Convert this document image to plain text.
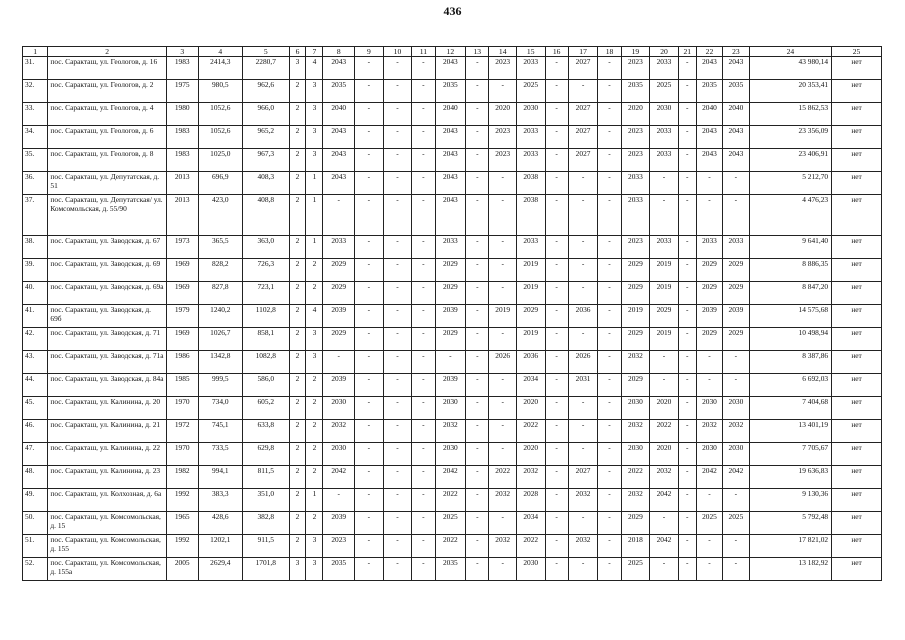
436
1	2	3	4	5	6	7	8	9	10	11	12	13	14	15	16	17	18	19	20	21	22	23	24	25
31.	пос. Саракташ, ул. Геологов, д. 16	1983	2414,3	2280,7	3	4	2043	-	-	-	2043	-	2023	2033	-	2027	-	2023	2033	-	2043	2043	43 980,14	нет
32.	пос. Саракташ, ул. Геологов, д. 2	1975	980,5	962,6	2	3	2035	-	-	-	2035	-	-	2025	-	-	-	2035	2025	-	2035	2035	20 353,41	нет
33.	пос. Саракташ, ул. Геологов, д. 4	1980	1052,6	966,0	2	3	2040	-	-	-	2040	-	2020	2030	-	2027	-	2020	2030	-	2040	2040	15 862,53	нет
34.	пос. Саракташ, ул. Геологов, д. 6	1983	1052,6	965,2	2	3	2043	-	-	-	2043	-	2023	2033	-	2027	-	2023	2033	-	2043	2043	23 356,09	нет
35.	пос. Саракташ, ул. Геологов, д. 8	1983	1025,0	967,3	2	3	2043	-	-	-	2043	-	2023	2033	-	2027	-	2023	2033	-	2043	2043	23 406,91	нет
36.	пос. Саракташ, ул. Депутатская, д. 51	2013	696,9	408,3	2	1	2043	-	-	-	2043	-	-	2038	-	-	-	2033	-	-	-	-	5 212,70	нет
37.	пос. Саракташ, ул. Депутатская/ ул. Комсомольская, д. 55/90	2013	423,0	408,8	2	1	-	-	-	-	2043	-	-	2038	-	-	-	2033	-	-	-	-	4 476,23	нет
38.	пос. Саракташ, ул. Заводская, д. 67	1973	365,5	363,0	2	1	2033	-	-	-	2033	-	-	2033	-	-	-	2023	2033	-	2033	2033	9 641,40	нет
39.	пос. Саракташ, ул. Заводская, д. 69	1969	828,2	726,3	2	2	2029	-	-	-	2029	-	-	2019	-	-	-	2029	2019	-	2029	2029	8 886,35	нет
40.	пос. Саракташ, ул. Заводская, д. 69а	1969	827,8	723,1	2	2	2029	-	-	-	2029	-	-	2019	-	-	-	2029	2019	-	2029	2029	8 847,20	нет
41.	пос. Саракташ, ул. Заводская, д. 69б	1979	1240,2	1102,8	2	4	2039	-	-	-	2039	-	2019	2029	-	2036	-	2019	2029	-	2039	2039	14 575,68	нет
42.	пос. Саракташ, ул. Заводская, д. 71	1969	1026,7	858,1	2	3	2029	-	-	-	2029	-	-	2019	-	-	-	2029	2019	-	2029	2029	10 498,94	нет
43.	пос. Саракташ, ул. Заводская, д. 71а	1986	1342,8	1082,8	2	3	-	-	-	-	-	-	2026	2036	-	2026	-	2032	-	-	-	-	8 387,86	нет
44.	пос. Саракташ, ул. Заводская, д. 84а	1985	999,5	586,0	2	2	2039	-	-	-	2039	-	-	2034	-	2031	-	2029	-	-	-	-	6 692,03	нет
45.	пос. Саракташ, ул. Калинина, д. 20	1970	734,0	605,2	2	2	2030	-	-	-	2030	-	-	2020	-	-	-	2030	2020	-	2030	2030	7 404,68	нет
46.	пос. Саракташ, ул. Калинина, д. 21	1972	745,1	633,8	2	2	2032	-	-	-	2032	-	-	2022	-	-	-	2032	2022	-	2032	2032	13 401,19	нет
47.	пос. Саракташ, ул. Калинина, д. 22	1970	733,5	629,8	2	2	2030	-	-	-	2030	-	-	2020	-	-	-	2030	2020	-	2030	2030	7 705,67	нет
48.	пос. Саракташ, ул. Калинина, д. 23	1982	994,1	811,5	2	2	2042	-	-	-	2042	-	2022	2032	-	2027	-	2022	2032	-	2042	2042	19 636,83	нет
49.	пос. Саракташ, ул. Колхозная, д. 6а	1992	383,3	351,0	2	1	-	-	-	-	2022	-	2032	2028	-	2032	-	2032	2042	-	-	-	9 130,36	нет
50.	пос. Саракташ, ул. Комсомольская, д. 15	1965	428,6	382,8	2	2	2039	-	-	-	2025	-	-	2034	-	-	-	2029	-	-	2025	2025	5 792,48	нет
51.	пос. Саракташ, ул. Комсомольская, д. 155	1992	1202,1	911,5	2	3	2023	-	-	-	2022	-	2032	2022	-	2032	-	2018	2042	-	-	-	17 821,02	нет
52.	пос. Саракташ, ул. Комсомольская, д. 155а	2005	2629,4	1701,8	3	3	2035	-	-	-	2035	-	-	2030	-	-	-	2025	-	-	-	-	13 182,92	нет
